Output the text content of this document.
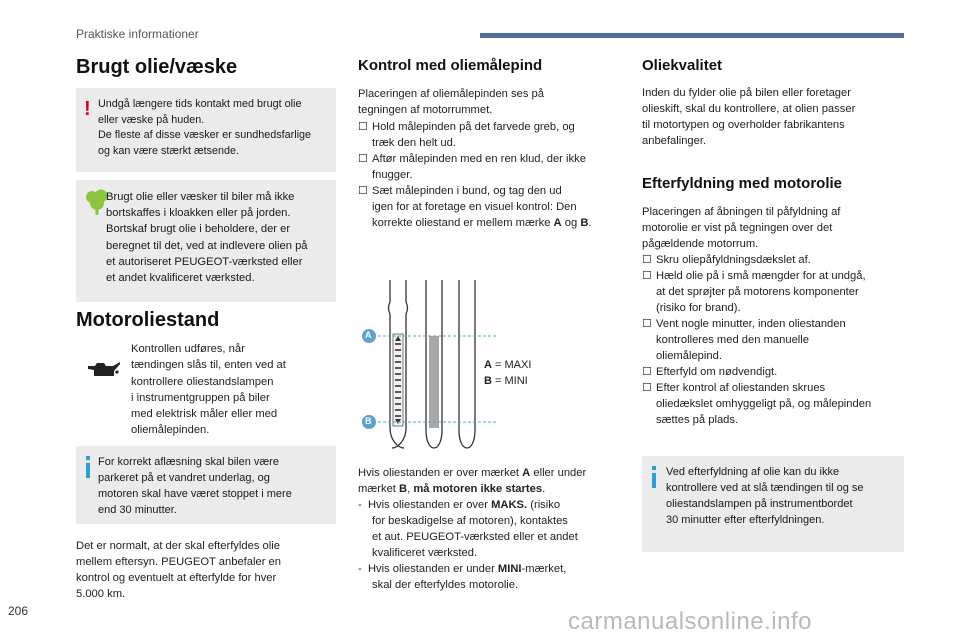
Praktiske informationer
Brugt olie/væske
! Undgå længere tids kontakt med brugt olie
eller væske på huden.
De fleste af disse væsker er sundhedsfarlige
og kan være stærkt ætsende.
Brugt olie eller væsker til biler må ikke
bortskaffes i kloakken eller på jorden.
Bortskaf brugt olie i beholdere, der er
beregnet til det, ved at indlevere olien på
et autoriseret PEUGEOT-værksted eller
et andet kvalificeret værksted.
Motoroliestand
Kontrollen udføres, når
tændingen slås til, enten ved at
kontrollere oliestandslampen
i instrumentgruppen på biler
med elektrisk måler eller med
oliemålepinden.
For korrekt aflæsning skal bilen være
parkeret på et vandret underlag, og
motoren skal have været stoppet i mere
end 30 minutter.
Det er normalt, at der skal efterfyldes olie
mellem eftersyn. PEUGEOT anbefaler en
kontrol og eventuelt at efterfylde for hver
5.000 km.
Kontrol med oliemålepind
Placeringen af oliemålepinden ses på
tegningen af motorrummet.
☐ Hold målepinden på det farvede greb, og
træk den helt ud.
☐ Aftør målepinden med en ren klud, der ikke
fnugger.
☐ Sæt målepinden i bund, og tag den ud
igen for at foretage en visuel kontrol: Den
korrekte oliestand er mellem mærke A og B.
A
B
A = MAXI
B = MINI
Hvis oliestanden er over mærket A eller under
mærket B, må motoren ikke startes.
-  Hvis oliestanden er over MAKS. (risiko
for beskadigelse af motoren), kontaktes
et aut. PEUGEOT-værksted eller et andet
kvalificeret værksted.
-  Hvis oliestanden er under MINI-mærket,
skal der efterfyldes motorolie.
Oliekvalitet
Inden du fylder olie på bilen eller foretager
olieskift, skal du kontrollere, at olien passer
til motortypen og overholder fabrikantens
anbefalinger.
Efterfyldning med motorolie
Placeringen af åbningen til påfyldning af
motorolie er vist på tegningen over det
pågældende motorrum.
☐ Skru oliepåfyldningsdækslet af.
☐ Hæld olie på i små mængder for at undgå,
at det sprøjter på motorens komponenter
(risiko for brand).
☐ Vent nogle minutter, inden oliestanden
kontrolleres med den manuelle
oliemålepind.
☐ Efterfyld om nødvendigt.
☐ Efter kontrol af oliestanden skrues
oliedækslet omhyggeligt på, og målepinden
sættes på plads.
Ved efterfyldning af olie kan du ikke
kontrollere ved at slå tændingen til og se
oliestandslampen på instrumentbordet
30 minutter efter efterfyldningen.
206	carmanualsonline.info
